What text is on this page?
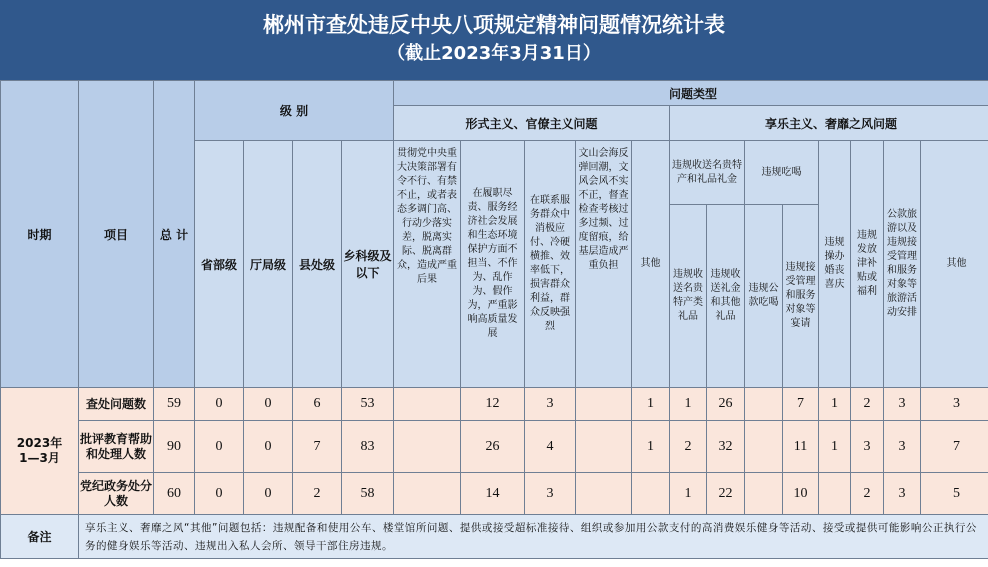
郴州市查处违反中央八项规定精神问题情况统计表
（截止2023年3月31日）
时期	项目	总 计	级 别				问题类型												
							形式主义、官僚主义问题					享乐主义、奢靡之风问题							
			省部级	厅局级	县处级	乡科级及以下	贯彻党中央重大决策部署有令不行、有禁不止，或者表态多调门高、行动少落实差，脱离实际、脱离群众，造成严重后果	在履职尽责、服务经济社会发展和生态环境保护方面不担当、不作为、乱作为、假作为，严重影响高质量发展	在联系服务群众中消极应付、冷硬横推、效率低下，损害群众利益，群众反映强烈	文山会海反弹回潮，文风会风不实不正，督查检查考核过多过频、过度留痕，给基层造成严重负担	其他	违规收送名贵特产和礼品礼金		违规吃喝		违规操办婚丧喜庆	违规发放津补贴或福利	公款旅游以及违规接受管理和服务对象等旅游活动安排	其他
												违规收送名贵特产类礼品	违规收送礼金和其他礼品	违规公款吃喝	违规接受管理和服务对象等宴请				
2023年
1—3月	查处问题数	59	0	0	6	53		12	3		1	1	26		7	1	2	3	3
	批评教育帮助和处理人数	90	0	0	7	83		26	4		1	2	32		11	1	3	3	7
	党纪政务处分人数	60	0	0	2	58		14	3			1	22		10		2	3	5
备注	享乐主义、奢靡之风“其他”问题包括：违规配备和使用公车、楼堂馆所问题、提供或接受超标准接待、组织或参加用公款支付的高消费娱乐健身等活动、接受或提供可能影响公正执行公务的健身娱乐等活动、违规出入私人会所、领导干部住房违规。																		
